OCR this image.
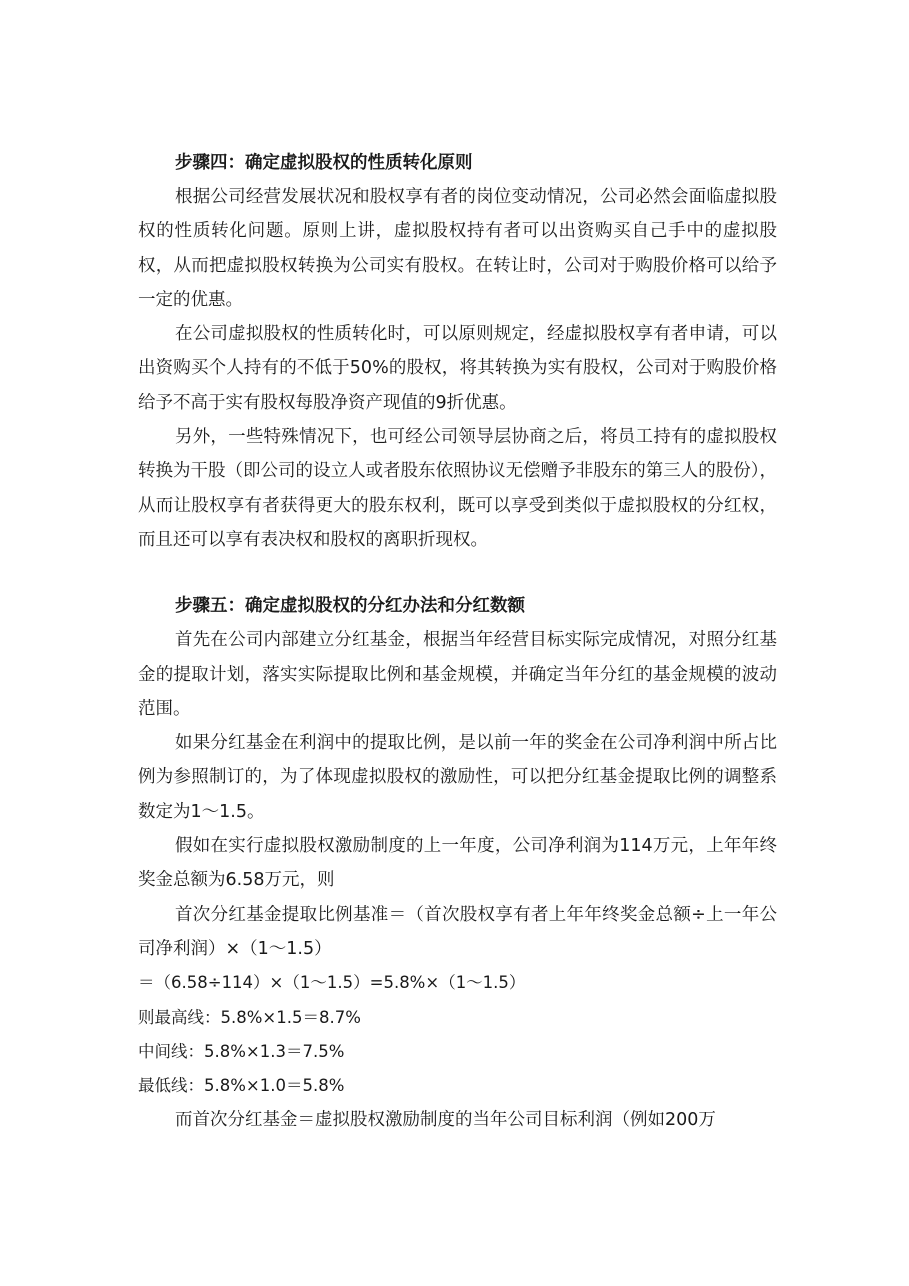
步骤四：确定虚拟股权的性质转化原则

根据公司经营发展状况和股权享有者的岗位变动情况，公司必然会面临虚拟股权的性质转化问题。原则上讲，虚拟股权持有者可以出资购买自己手中的虚拟股权，从而把虚拟股权转换为公司实有股权。在转让时，公司对于购股价格可以给予一定的优惠。

在公司虚拟股权的性质转化时，可以原则规定，经虚拟股权享有者申请，可以出资购买个人持有的不低于50%的股权，将其转换为实有股权，公司对于购股价格给予不高于实有股权每股净资产现值的9折优惠。

另外，一些特殊情况下，也可经公司领导层协商之后，将员工持有的虚拟股权转换为干股（即公司的设立人或者股东依照协议无偿赠予非股东的第三人的股份），从而让股权享有者获得更大的股东权利，既可以享受到类似于虚拟股权的分红权，而且还可以享有表决权和股权的离职折现权。

步骤五：确定虚拟股权的分红办法和分红数额

首先在公司内部建立分红基金，根据当年经营目标实际完成情况，对照分红基金的提取计划，落实实际提取比例和基金规模，并确定当年分红的基金规模的波动范围。

如果分红基金在利润中的提取比例，是以前一年的奖金在公司净利润中所占比例为参照制订的，为了体现虚拟股权的激励性，可以把分红基金提取比例的调整系数定为1～1.5。

假如在实行虚拟股权激励制度的上一年度，公司净利润为114万元，上年年终奖金总额为6.58万元，则

首次分红基金提取比例基准＝（首次股权享有者上年年终奖金总额÷上一年公司净利润）×（1～1.5）

＝（6.58÷114）×（1～1.5）=5.8%×（1～1.5）

则最高线：5.8%×1.5＝8.7%

中间线：5.8%×1.3＝7.5%

最低线：5.8%×1.0＝5.8%

而首次分红基金＝虚拟股权激励制度的当年公司目标利润（例如200万
